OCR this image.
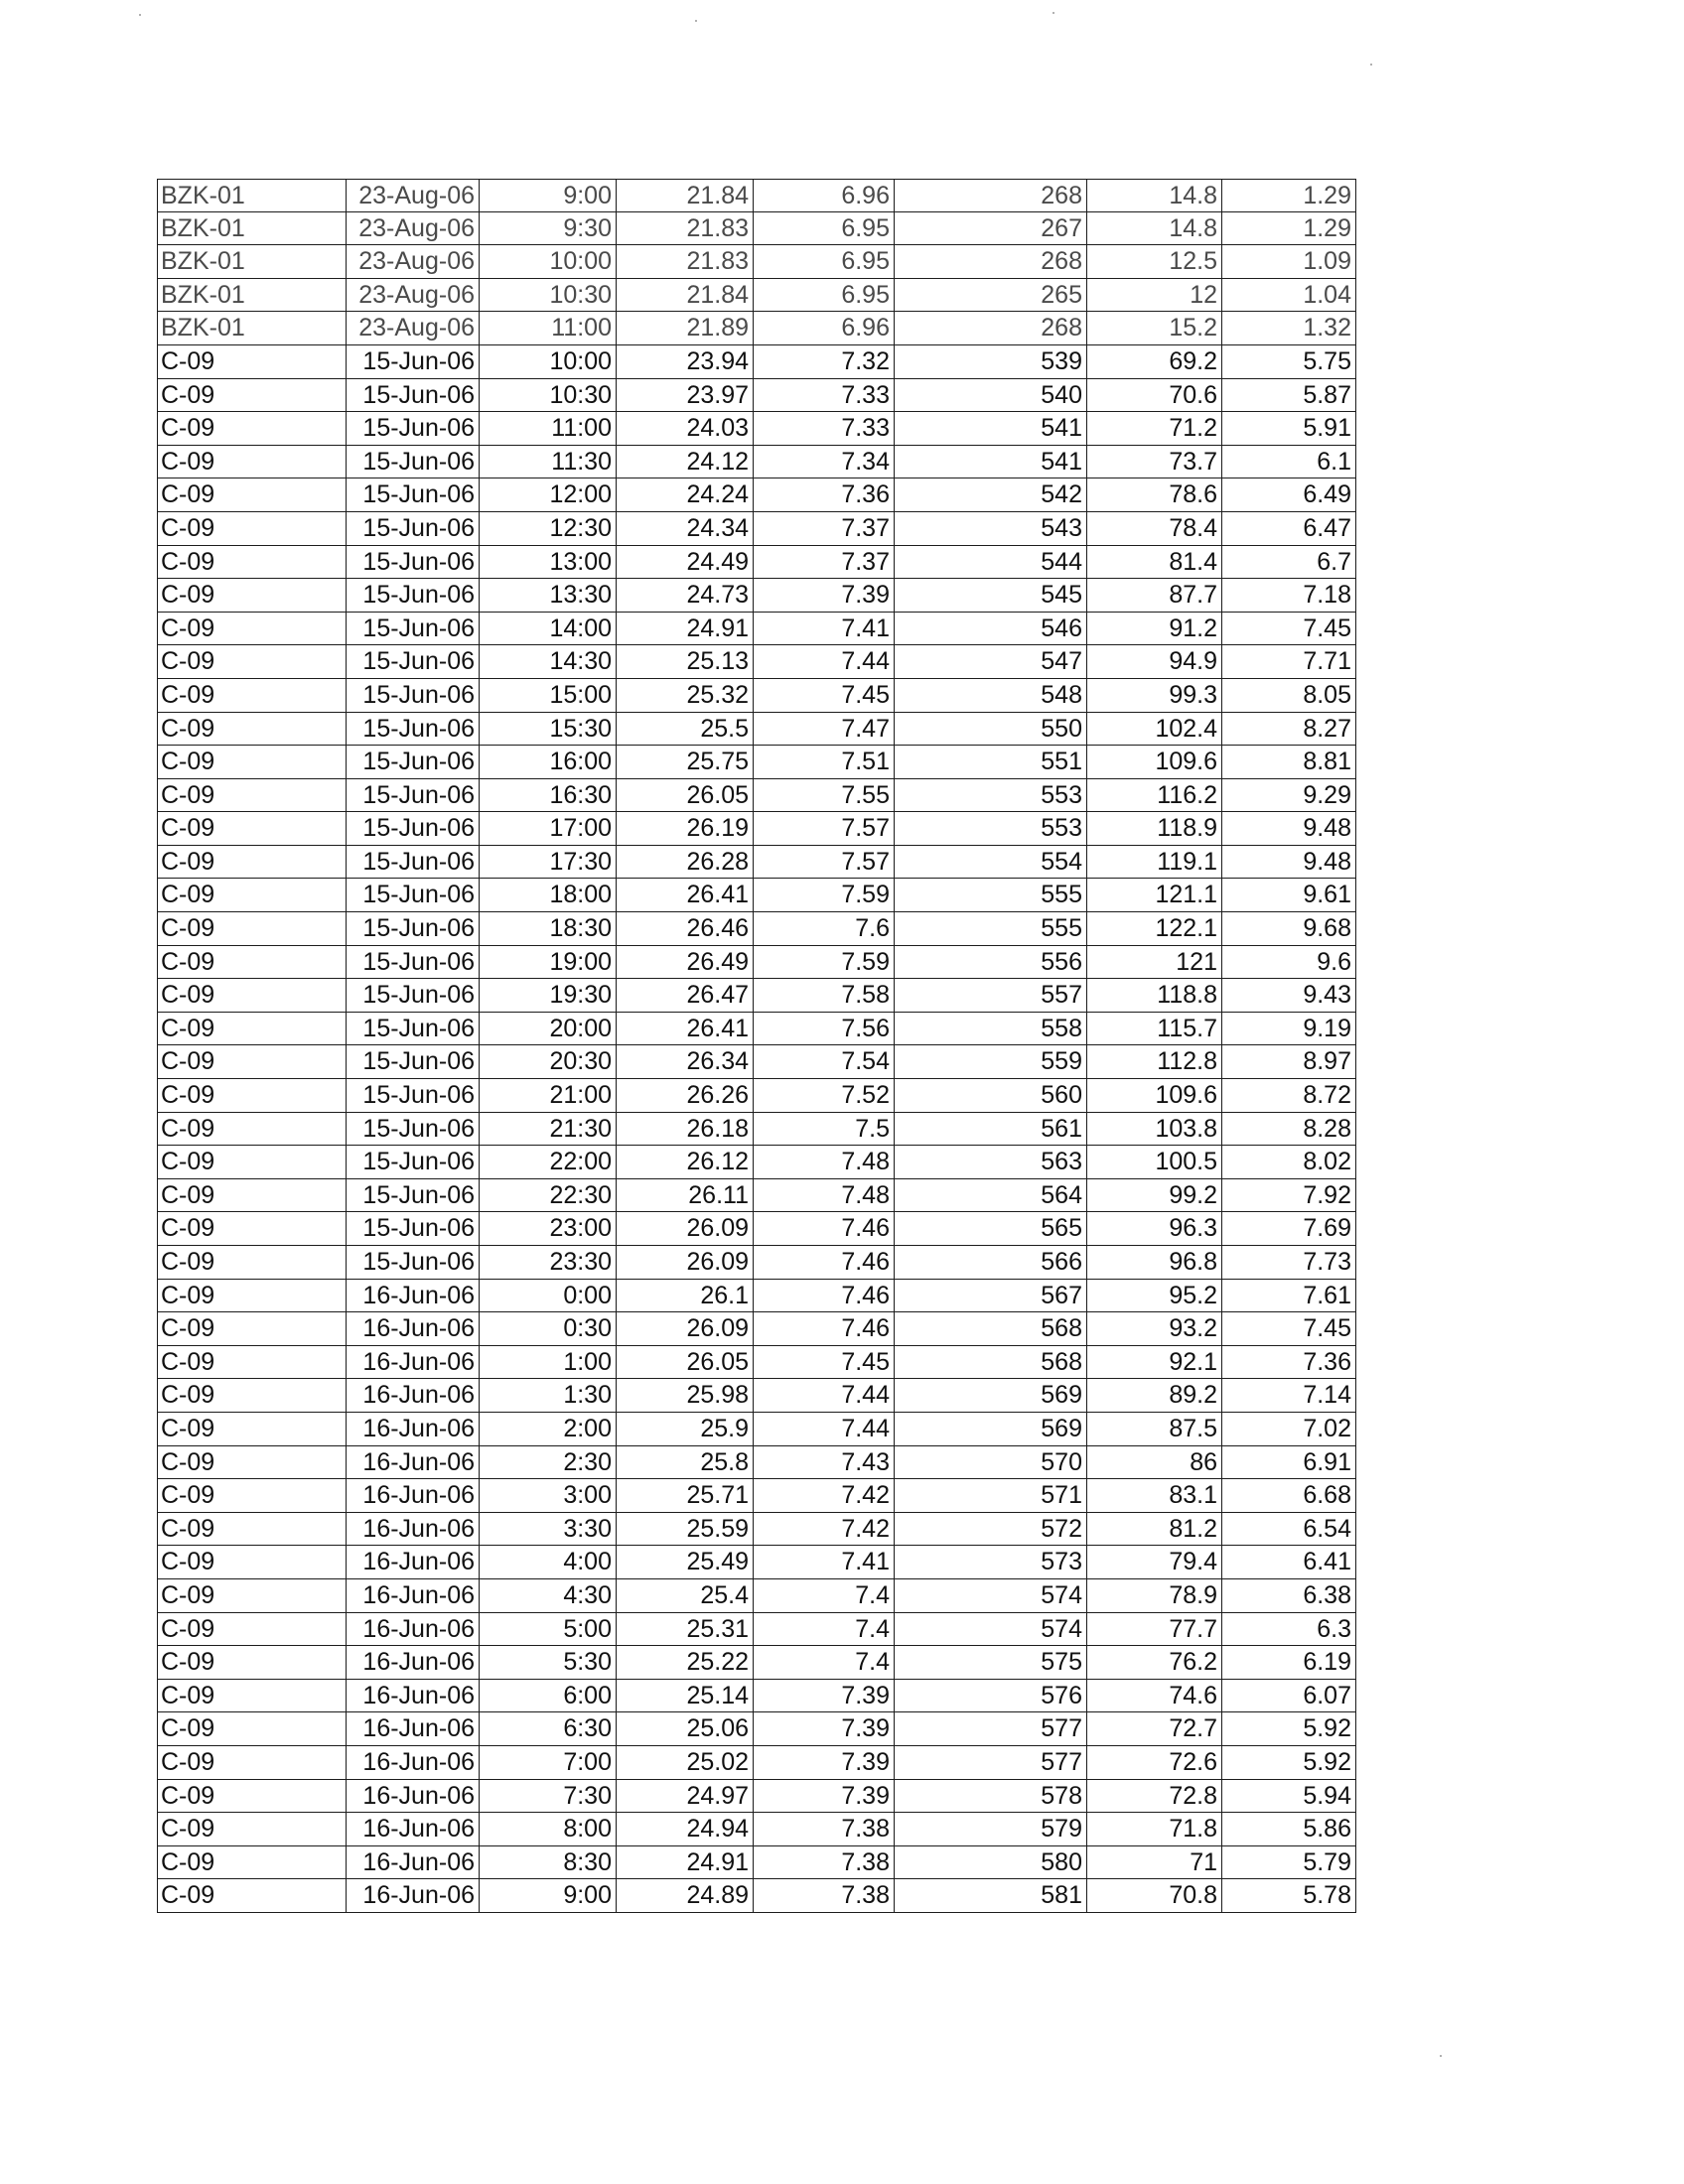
BZK-01	23-Aug-06	9:00	21.84	6.96	268	14.8	1.29
BZK-01	23-Aug-06	9:30	21.83	6.95	267	14.8	1.29
BZK-01	23-Aug-06	10:00	21.83	6.95	268	12.5	1.09
BZK-01	23-Aug-06	10:30	21.84	6.95	265	12	1.04
BZK-01	23-Aug-06	11:00	21.89	6.96	268	15.2	1.32
C-09	15-Jun-06	10:00	23.94	7.32	539	69.2	5.75
C-09	15-Jun-06	10:30	23.97	7.33	540	70.6	5.87
C-09	15-Jun-06	11:00	24.03	7.33	541	71.2	5.91
C-09	15-Jun-06	11:30	24.12	7.34	541	73.7	6.1
C-09	15-Jun-06	12:00	24.24	7.36	542	78.6	6.49
C-09	15-Jun-06	12:30	24.34	7.37	543	78.4	6.47
C-09	15-Jun-06	13:00	24.49	7.37	544	81.4	6.7
C-09	15-Jun-06	13:30	24.73	7.39	545	87.7	7.18
C-09	15-Jun-06	14:00	24.91	7.41	546	91.2	7.45
C-09	15-Jun-06	14:30	25.13	7.44	547	94.9	7.71
C-09	15-Jun-06	15:00	25.32	7.45	548	99.3	8.05
C-09	15-Jun-06	15:30	25.5	7.47	550	102.4	8.27
C-09	15-Jun-06	16:00	25.75	7.51	551	109.6	8.81
C-09	15-Jun-06	16:30	26.05	7.55	553	116.2	9.29
C-09	15-Jun-06	17:00	26.19	7.57	553	118.9	9.48
C-09	15-Jun-06	17:30	26.28	7.57	554	119.1	9.48
C-09	15-Jun-06	18:00	26.41	7.59	555	121.1	9.61
C-09	15-Jun-06	18:30	26.46	7.6	555	122.1	9.68
C-09	15-Jun-06	19:00	26.49	7.59	556	121	9.6
C-09	15-Jun-06	19:30	26.47	7.58	557	118.8	9.43
C-09	15-Jun-06	20:00	26.41	7.56	558	115.7	9.19
C-09	15-Jun-06	20:30	26.34	7.54	559	112.8	8.97
C-09	15-Jun-06	21:00	26.26	7.52	560	109.6	8.72
C-09	15-Jun-06	21:30	26.18	7.5	561	103.8	8.28
C-09	15-Jun-06	22:00	26.12	7.48	563	100.5	8.02
C-09	15-Jun-06	22:30	26.11	7.48	564	99.2	7.92
C-09	15-Jun-06	23:00	26.09	7.46	565	96.3	7.69
C-09	15-Jun-06	23:30	26.09	7.46	566	96.8	7.73
C-09	16-Jun-06	0:00	26.1	7.46	567	95.2	7.61
C-09	16-Jun-06	0:30	26.09	7.46	568	93.2	7.45
C-09	16-Jun-06	1:00	26.05	7.45	568	92.1	7.36
C-09	16-Jun-06	1:30	25.98	7.44	569	89.2	7.14
C-09	16-Jun-06	2:00	25.9	7.44	569	87.5	7.02
C-09	16-Jun-06	2:30	25.8	7.43	570	86	6.91
C-09	16-Jun-06	3:00	25.71	7.42	571	83.1	6.68
C-09	16-Jun-06	3:30	25.59	7.42	572	81.2	6.54
C-09	16-Jun-06	4:00	25.49	7.41	573	79.4	6.41
C-09	16-Jun-06	4:30	25.4	7.4	574	78.9	6.38
C-09	16-Jun-06	5:00	25.31	7.4	574	77.7	6.3
C-09	16-Jun-06	5:30	25.22	7.4	575	76.2	6.19
C-09	16-Jun-06	6:00	25.14	7.39	576	74.6	6.07
C-09	16-Jun-06	6:30	25.06	7.39	577	72.7	5.92
C-09	16-Jun-06	7:00	25.02	7.39	577	72.6	5.92
C-09	16-Jun-06	7:30	24.97	7.39	578	72.8	5.94
C-09	16-Jun-06	8:00	24.94	7.38	579	71.8	5.86
C-09	16-Jun-06	8:30	24.91	7.38	580	71	5.79
C-09	16-Jun-06	9:00	24.89	7.38	581	70.8	5.78
